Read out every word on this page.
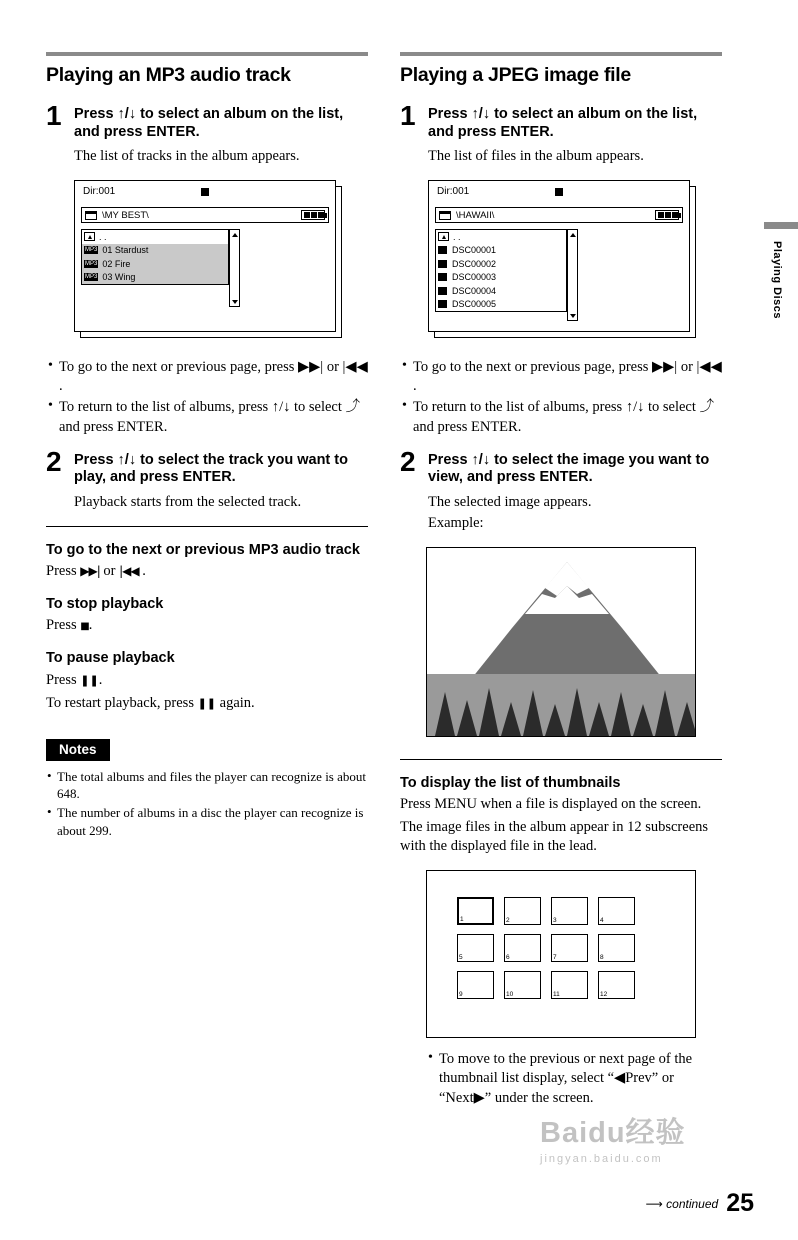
Playing an MP3 audio track
1 Press ↑/↓ to select an album on the list, and press ENTER.

The list of tracks in the album appears.

Dir:001
\MY BEST\
. .
MP3 01 Stardust
MP3 02 Fire
MP3 03 Wing
• To go to the next or previous page, press ▶▶| or |◀◀ .
• To return to the list of albums, press ↑/↓ to select ⤴ and press ENTER.
2 Press ↑/↓ to select the track you want to play, and press ENTER.

Playback starts from the selected track.

To go to the next or previous MP3 audio track

Press ▶▶| or |◀◀ .

To stop playback

Press ■.

To pause playback

Press ❚❚.

To restart playback, press ❚❚ again.

Notes
• The total albums and files the player can recognize is about 648.
• The number of albums in a disc the player can recognize is about 299.
Playing a JPEG image file
1 Press ↑/↓ to select an album on the list, and press ENTER.

The list of files in the album appears.

Dir:001
\HAWAII\
. .
DSC00001
DSC00002
DSC00003
DSC00004
DSC00005
• To go to the next or previous page, press ▶▶| or |◀◀ .
• To return to the list of albums, press ↑/↓ to select ⤴ and press ENTER.
2 Press ↑/↓ to select the image you want to view, and press ENTER.

The selected image appears.

Example:

To display the list of thumbnails

Press MENU when a file is displayed on the screen.

The image files in the album appear in 12 subscreens with the displayed file in the lead.

1	2	3	4
5	6	7	8
9	10	11	12
• To move to the previous or next page of the thumbnail list display, select “◀Prev” or “Next▶” under the screen.
Playing Discs
Baidu经验
jingyan.baidu.com
⟶ continued 25
